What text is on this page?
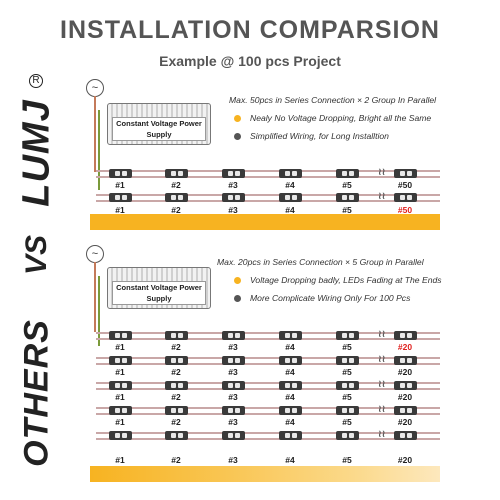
INSTALLATION COMPARSION
Example @ 100 pcs Project
LUMJ
R
VS
OTHERS
~
Constant Voltage Power Supply
Max. 50pcs in Series Connection × 2 Group In Parallel
Nealy No Voltage Dropping, Bright all the Same
Simplified Wiring, for Long Installtion
#1	#2	#3	#4	#5	#50
≀≀
≀≀
#1	#2	#3	#4	#5	#50
~
Constant Voltage Power Supply
Max. 20pcs in Series Connection × 5 Group in Parallel
Voltage Dropping badly, LEDs Fading at The Ends
More Complicate Wiring Only For 100 Pcs
#1	#2	#3	#4	#5	#20
≀≀
#1	#2	#3	#4	#5	#20
≀≀
#1	#2	#3	#4	#5	#20
≀≀
#1	#2	#3	#4	#5	#20
≀≀
≀≀
#1	#2	#3	#4	#5	#20
